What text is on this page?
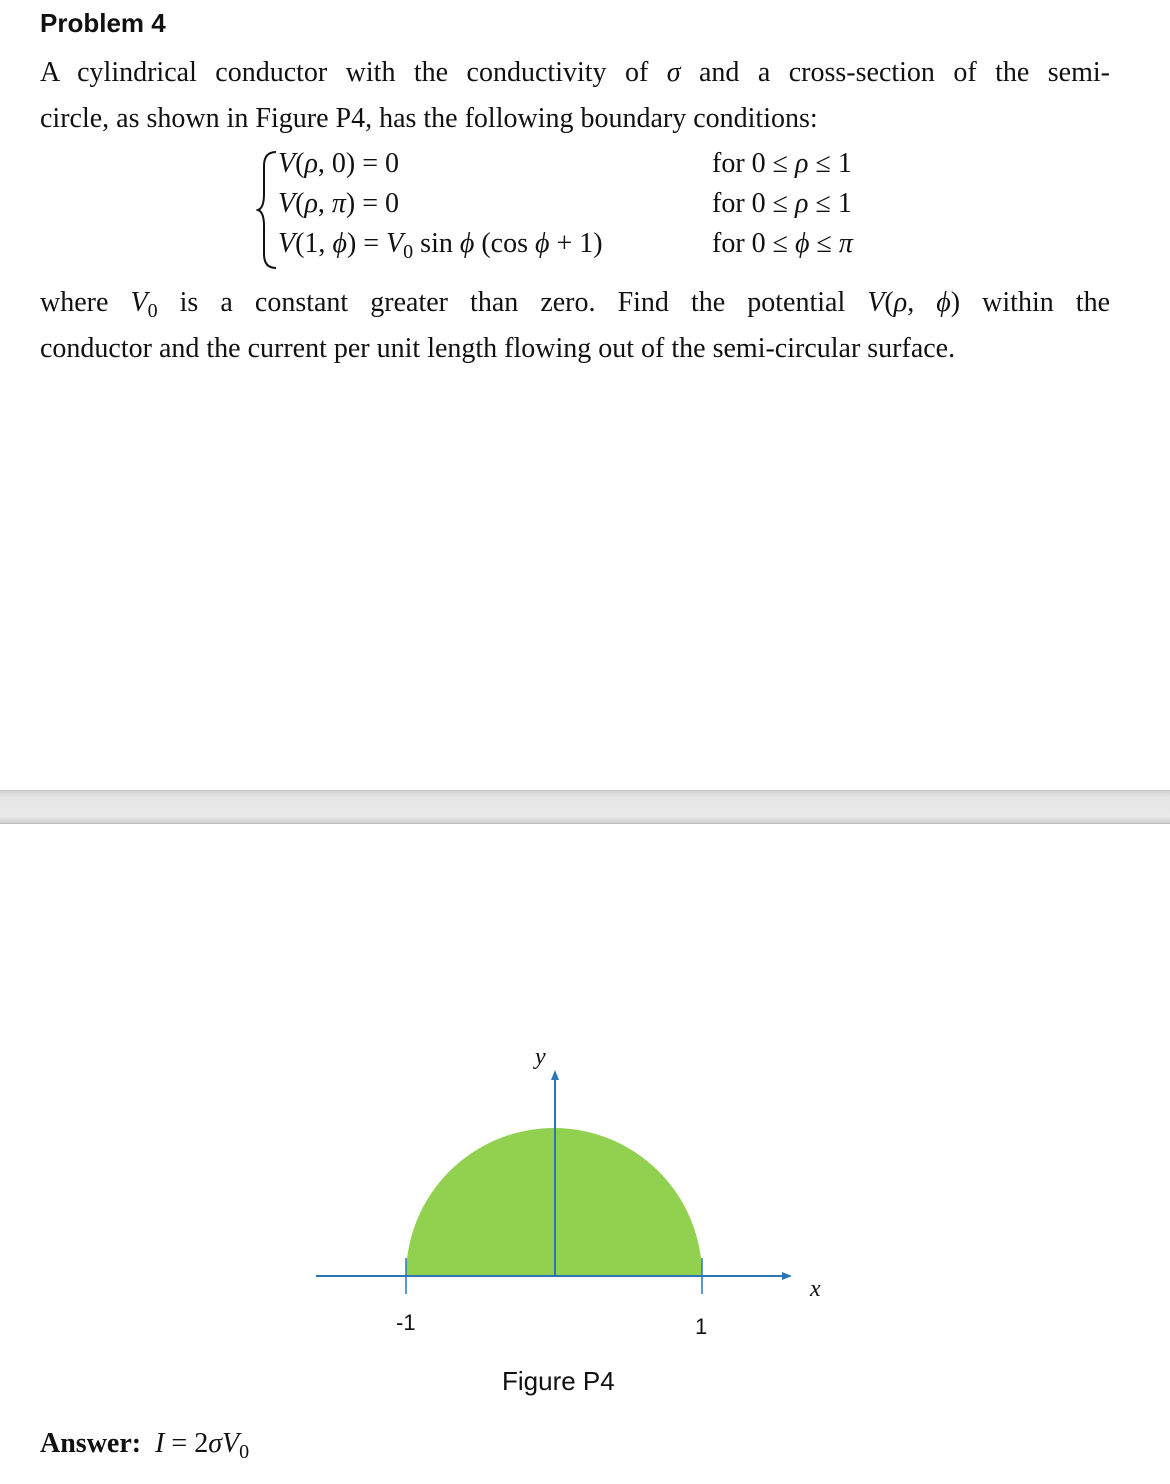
Problem 4
A cylindrical conductor with the conductivity of σ and a cross-section of the semi-
circle, as shown in Figure P4, has the following boundary conditions:
V(ρ, 0) = 0
V(ρ, π) = 0
V(1, $\phi) = V_0$ sin ϕ (cos ϕ + 1)
for 0 ≤ ρ ≤ 1
for 0 ≤ ρ ≤ 1
for 0 ≤ ϕ ≤ π
where $V_0$ is a constant greater than zero. Find the potential V(ρ, ϕ) within the
conductor and the current per unit length flowing out of the semi-circular surface.
-1	1
x
y
Figure P4
Answer: $I = 2\sigma V_0$
